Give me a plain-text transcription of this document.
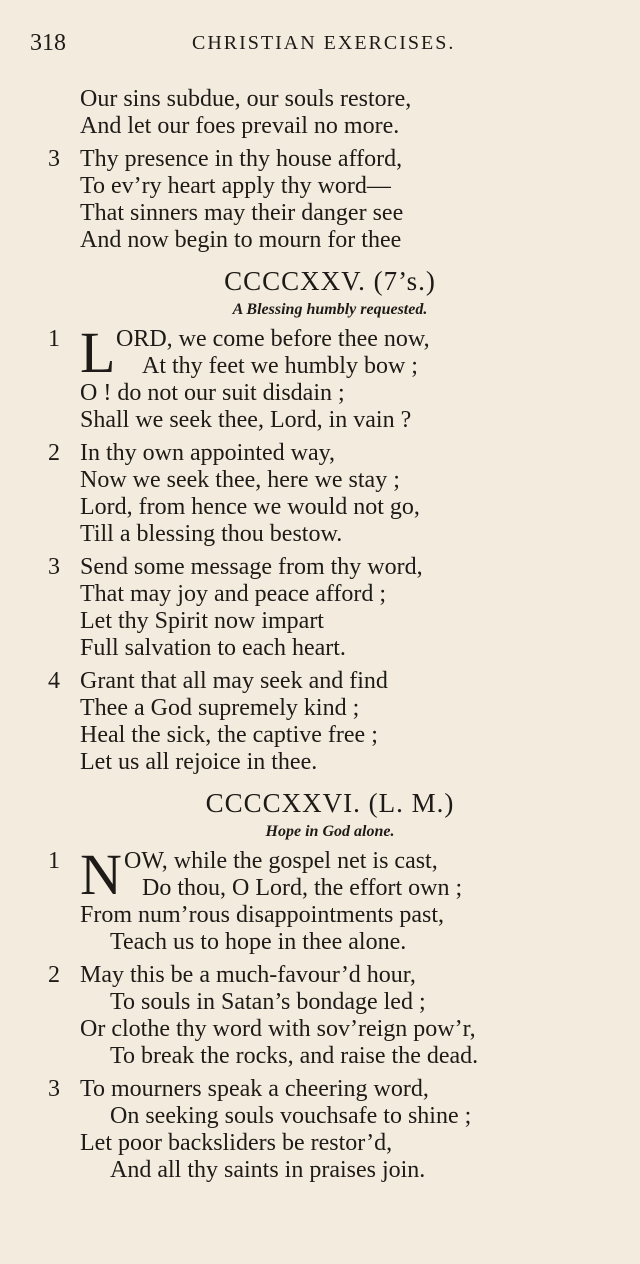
318	CHRISTIAN EXERCISES.
Our sins subdue, our souls restore,
And let our foes prevail no more.
3 Thy presence in thy house afford,
To ev’ry heart apply thy word—
That sinners may their danger see
And now begin to mourn for thee
CCCCXXV. (7’s.)
A Blessing humbly requested.
1 L ORD, we come before thee now,
At thy feet we humbly bow ;
O ! do not our suit disdain ;
Shall we seek thee, Lord, in vain ?
2 In thy own appointed way,
Now we seek thee, here we stay ;
Lord, from hence we would not go,
Till a blessing thou bestow.
3 Send some message from thy word,
That may joy and peace afford ;
Let thy Spirit now impart
Full salvation to each heart.
4 Grant that all may seek and find
Thee a God supremely kind ;
Heal the sick, the captive free ;
Let us all rejoice in thee.
CCCCXXVI. (L. M.)
Hope in God alone.
1 N OW, while the gospel net is cast,
Do thou, O Lord, the effort own ;
From num’rous disappointments past,
Teach us to hope in thee alone.
2 May this be a much-favour’d hour,
To souls in Satan’s bondage led ;
Or clothe thy word with sov’reign pow’r,
To break the rocks, and raise the dead.
3 To mourners speak a cheering word,
On seeking souls vouchsafe to shine ;
Let poor backsliders be restor’d,
And all thy saints in praises join.
